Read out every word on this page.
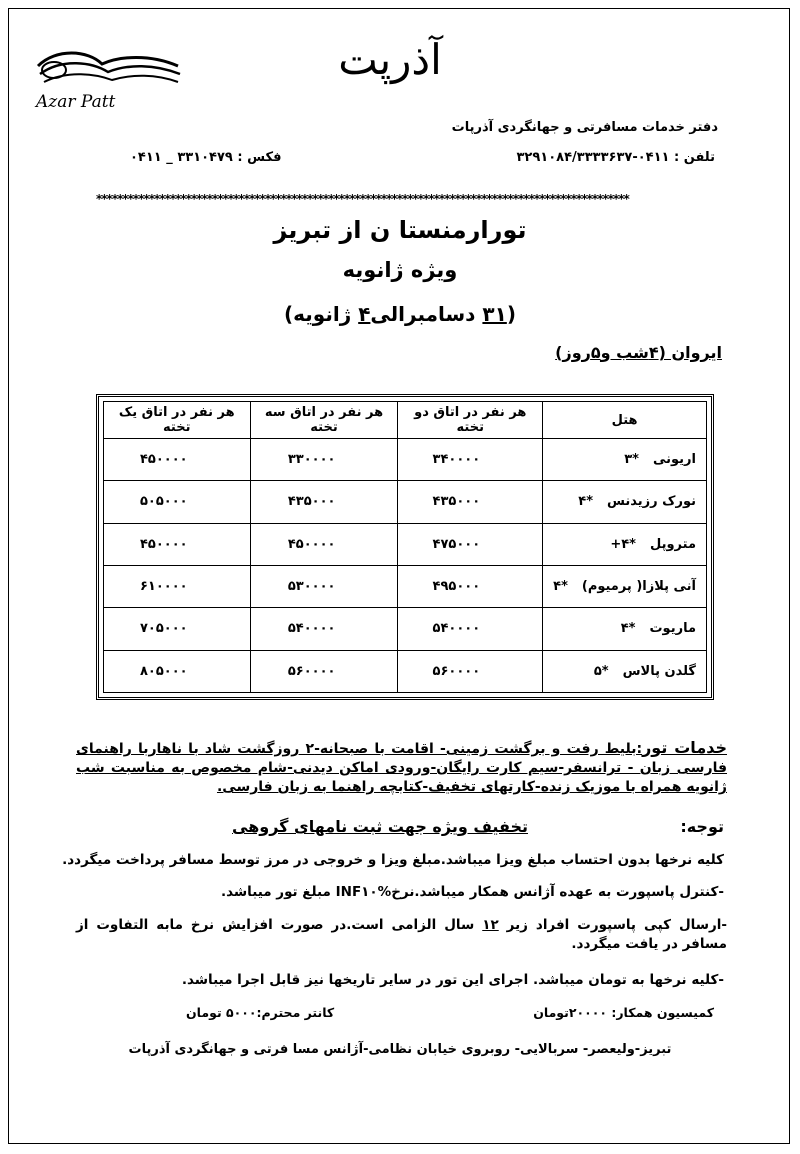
Azar Patt
آذرپت
دفتر خدمات مسافرتی و جهانگردی آذرپات
تلفن : ۰۴۱۱-۳۲۹۱۰۸۴/۳۳۳۳۶۳۷
فکس : ۳۳۱۰۴۷۹ _ ۰۴۱۱
*****************************************************************************************************
تورارمنستا ن از تبریز
ویژه ژانویه
(۳۱ دسامبرالی۴ ژانویه)
ایروان (۴شب و۵روز)
هتل	هر نفر در اتاق دو تخته	هر نفر در اتاق سه تخته	هر نفر در اتاق یک تخته
اریونی*۳	۳۴۰۰۰۰	۳۳۰۰۰۰	۴۵۰۰۰۰
نورک رزیدنس*۴	۴۳۵۰۰۰	۴۳۵۰۰۰	۵۰۵۰۰۰
متروپل*۴+	۴۷۵۰۰۰	۴۵۰۰۰۰	۴۵۰۰۰۰
آنی پلازا( پرمیوم)*۴	۴۹۵۰۰۰	۵۳۰۰۰۰	۶۱۰۰۰۰
ماریوت*۴	۵۴۰۰۰۰	۵۴۰۰۰۰	۷۰۵۰۰۰
گلدن پالاس*۵	۵۶۰۰۰۰	۵۶۰۰۰۰	۸۰۵۰۰۰
خدمات تور:بلیط رفت و برگشت زمینی- اقامت با صبحانه-۲ روزگشت شاد با ناهاربا راهنمای فارسی زبان - ترانسفر-سیم کارت رایگان-ورودی اماکن دیدنی-شام مخصوص به مناسبت شب ژانویه همراه با موزیک زنده-کارتهای تخفیف-کتابچه راهنما به زبان فارسی.
توجه:
تخفیف ویژه جهت ثبت نامهای گروهی
کلیه نرخها بدون احتساب مبلغ ویزا میباشد.مبلغ ویزا و خروجی در مرز توسط مسافر پرداخت میگردد.
-کنترل پاسپورت به عهده آژانس همکار میباشد.نرخINF۱۰% مبلغ تور میباشد.
-ارسال کپی پاسپورت افراد زیر ۱۲ سال الزامی است.در صورت افزایش نرخ مابه التفاوت از مسافر در یافت میگردد.
-کلیه نرخها به تومان میباشد. اجرای این تور در سایر تاریخها نیز قابل اجرا میباشد.
کمیسیون همکار: ۲۰۰۰۰تومان
کانتر محترم:۵۰۰۰ تومان
تبریز-ولیعصر- سربالایی- روبروی خیابان نظامی-آژانس مسا فرتی و جهانگردی آذرپات
